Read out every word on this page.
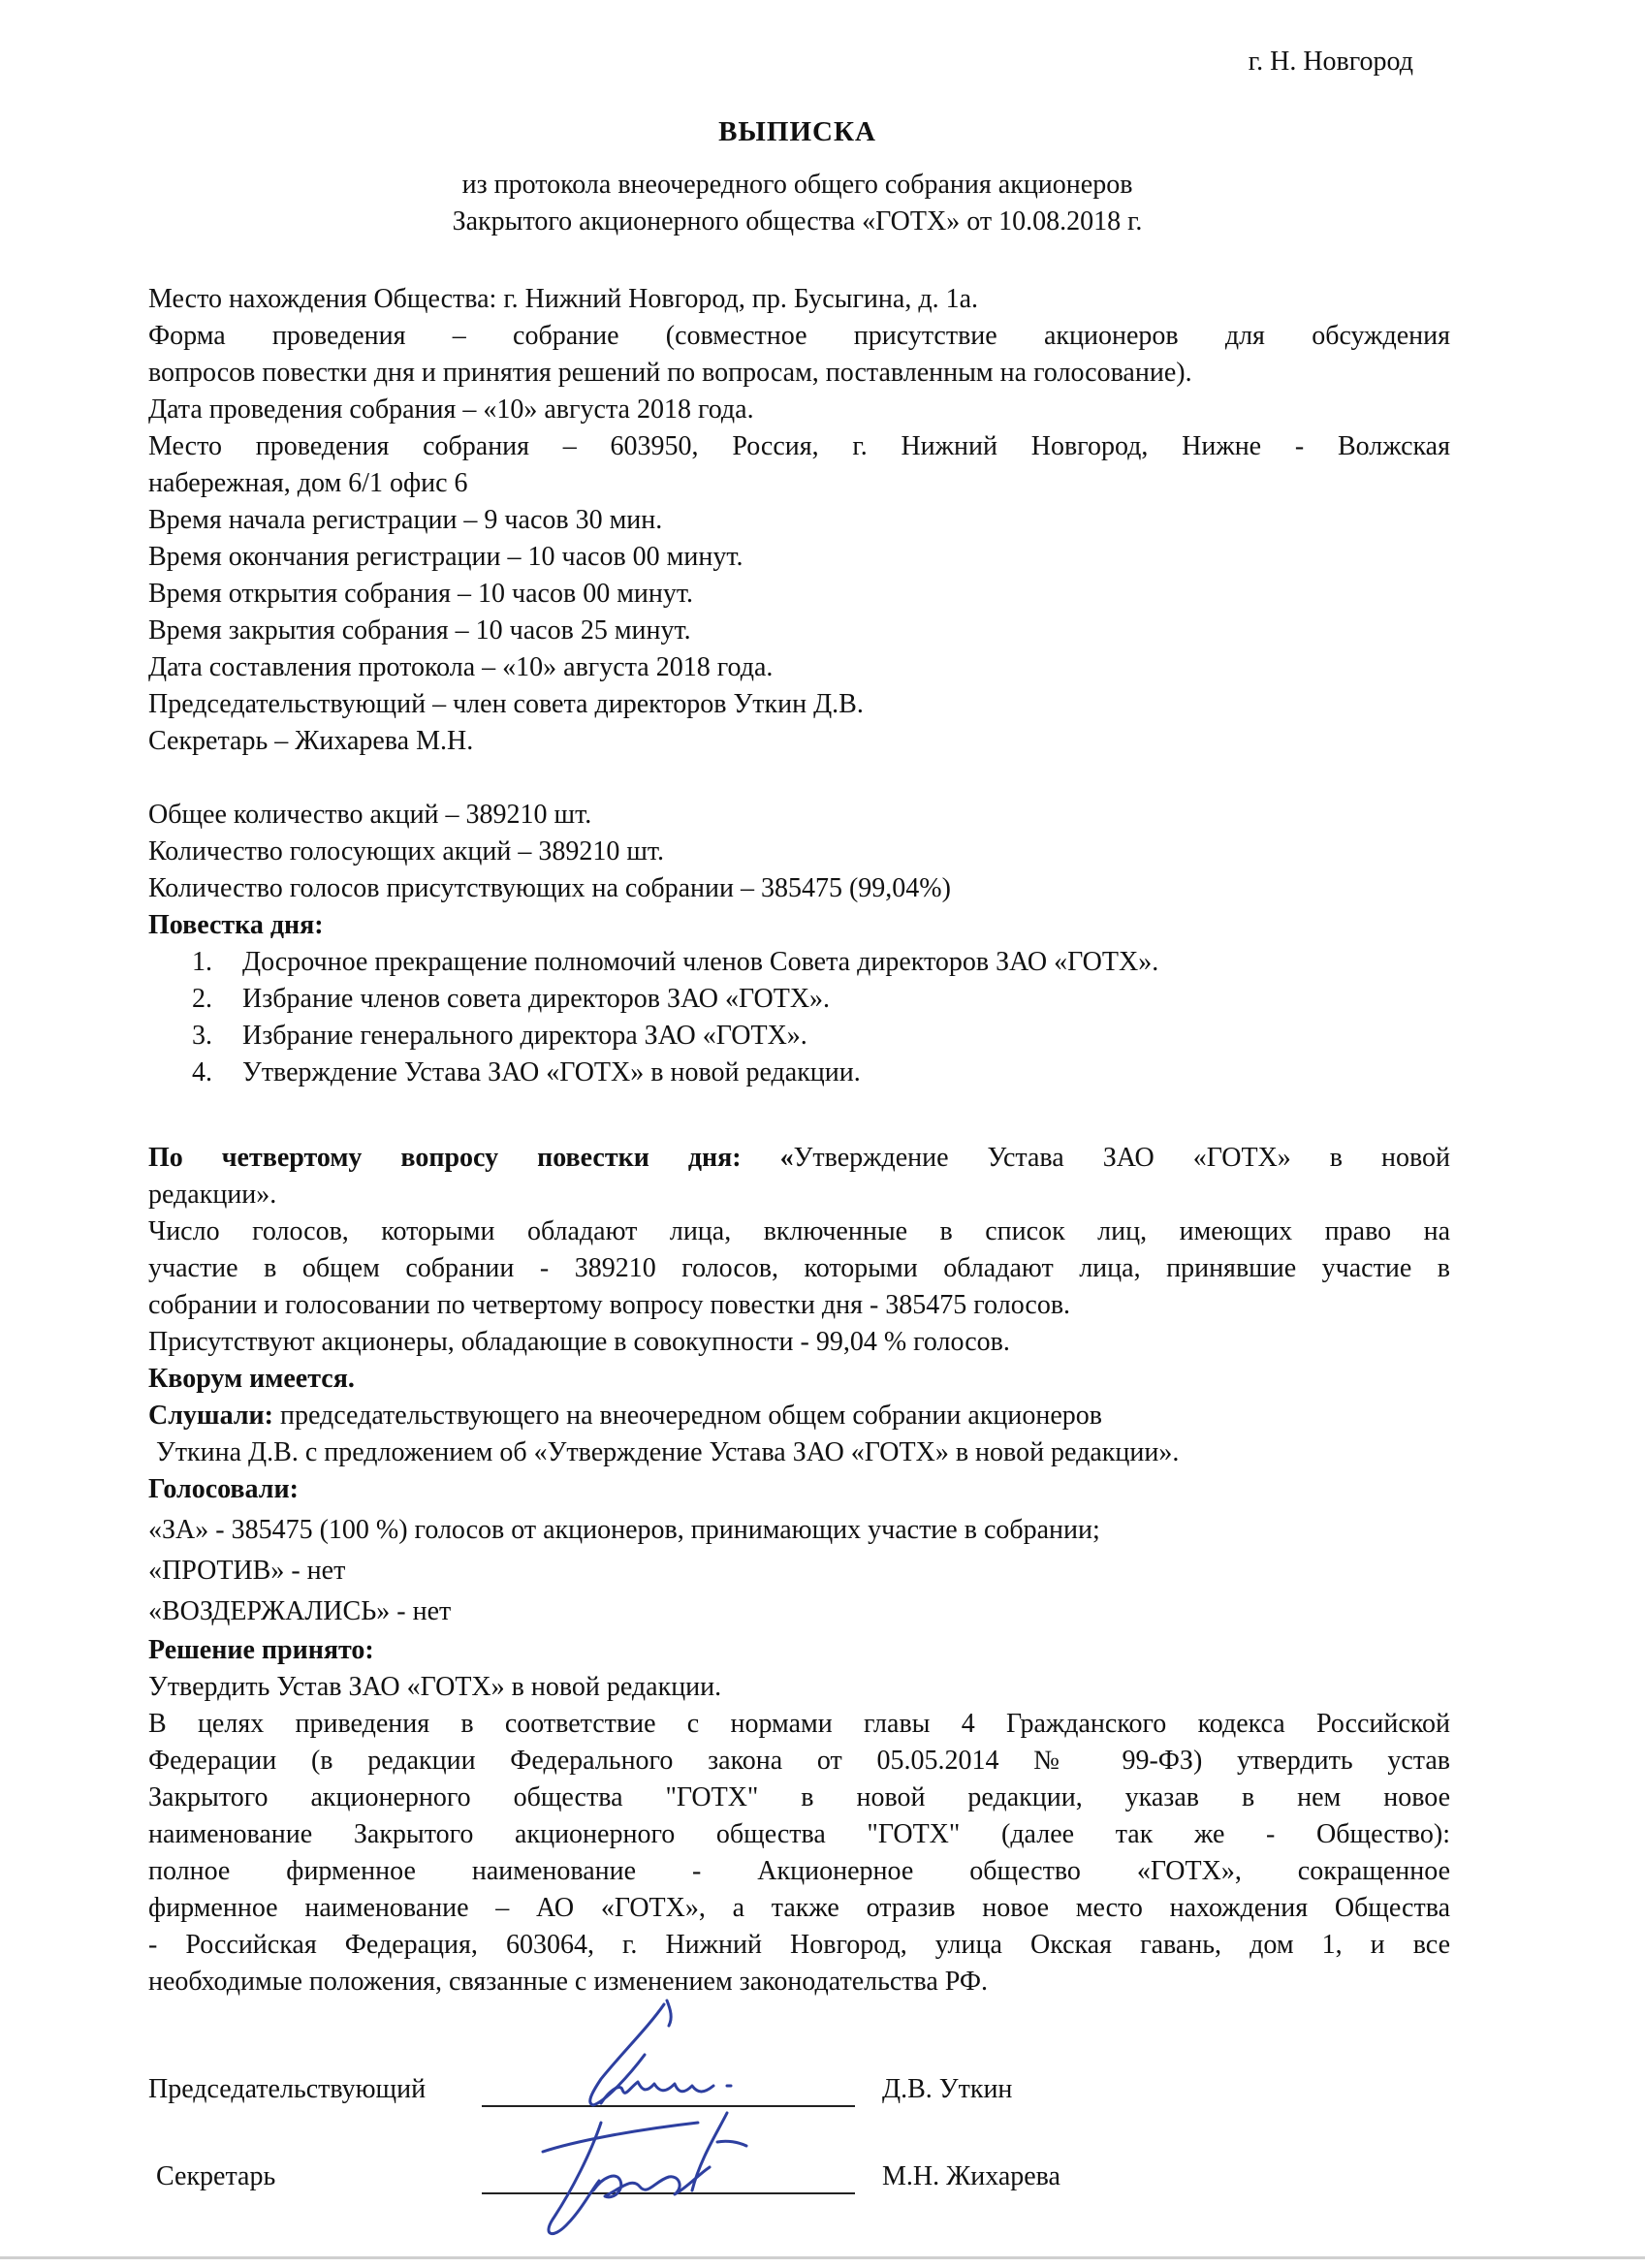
г. Н. Новгород
ВЫПИСКА
из протокола внеочередного общего собрания акционеров
Закрытого акционерного общества «ГОТХ» от 10.08.2018 г.
Место нахождения Общества: г. Нижний Новгород, пр. Бусыгина, д. 1а.
Форма проведения – собрание (совместное присутствие акционеров для обсуждения
вопросов повестки дня и принятия решений по вопросам, поставленным на голосование).
Дата проведения собрания – «10» августа 2018 года.
Место проведения собрания – 603950, Россия, г. Нижний Новгород, Нижне - Волжская
набережная, дом 6/1 офис 6
Время начала регистрации – 9 часов 30 мин.
Время окончания регистрации – 10 часов 00 минут.
Время открытия собрания – 10 часов 00 минут.
Время закрытия собрания – 10 часов 25 минут.
Дата составления протокола – «10» августа 2018 года.
Председательствующий – член совета директоров Уткин Д.В.
Секретарь – Жихарева М.Н.
Общее количество акций – 389210 шт.
Количество голосующих акций – 389210 шт.
Количество голосов присутствующих на собрании – 385475 (99,04%)
Повестка дня:
1. Досрочное прекращение полномочий членов Совета директоров ЗАО «ГОТХ».
2. Избрание членов совета директоров ЗАО «ГОТХ».
3. Избрание генерального директора ЗАО «ГОТХ».
4. Утверждение Устава ЗАО «ГОТХ» в новой редакции.
По четвертому вопросу повестки дня: «Утверждение Устава ЗАО «ГОТХ» в новой
редакции».
Число голосов, которыми обладают лица, включенные в список лиц, имеющих право на
участие в общем собрании - 389210 голосов, которыми обладают лица, принявшие участие в
собрании и голосовании по четвертому вопросу повестки дня - 385475 голосов.
Присутствуют акционеры, обладающие в совокупности - 99,04 % голосов.
Кворум имеется.
Слушали: председательствующего на внеочередном общем собрании акционеров
Уткина Д.В. с предложением об «Утверждение Устава ЗАО «ГОТХ» в новой редакции».
Голосовали:
«ЗА» - 385475 (100 %) голосов от акционеров, принимающих участие в собрании;
«ПРОТИВ» - нет
«ВОЗДЕРЖАЛИСЬ» - нет
Решение принято:
Утвердить Устав ЗАО «ГОТХ» в новой редакции.
В целях приведения в соответствие с нормами главы 4 Гражданского кодекса Российской
Федерации (в редакции Федерального закона от 05.05.2014 № 99-ФЗ) утвердить устав
Закрытого акционерного общества "ГОТХ" в новой редакции, указав в нем новое
наименование Закрытого акционерного общества "ГОТХ" (далее так же - Общество):
полное фирменное наименование - Акционерное общество «ГОТХ», сокращенное
фирменное наименование – АО «ГОТХ», а также отразив новое место нахождения Общества
- Российская Федерация, 603064, г. Нижний Новгород, улица Окская гавань, дом 1, и все
необходимые положения, связанные с изменением законодательства РФ.
Председательствующий	Д.В. Уткин
Секретарь	М.Н. Жихарева
